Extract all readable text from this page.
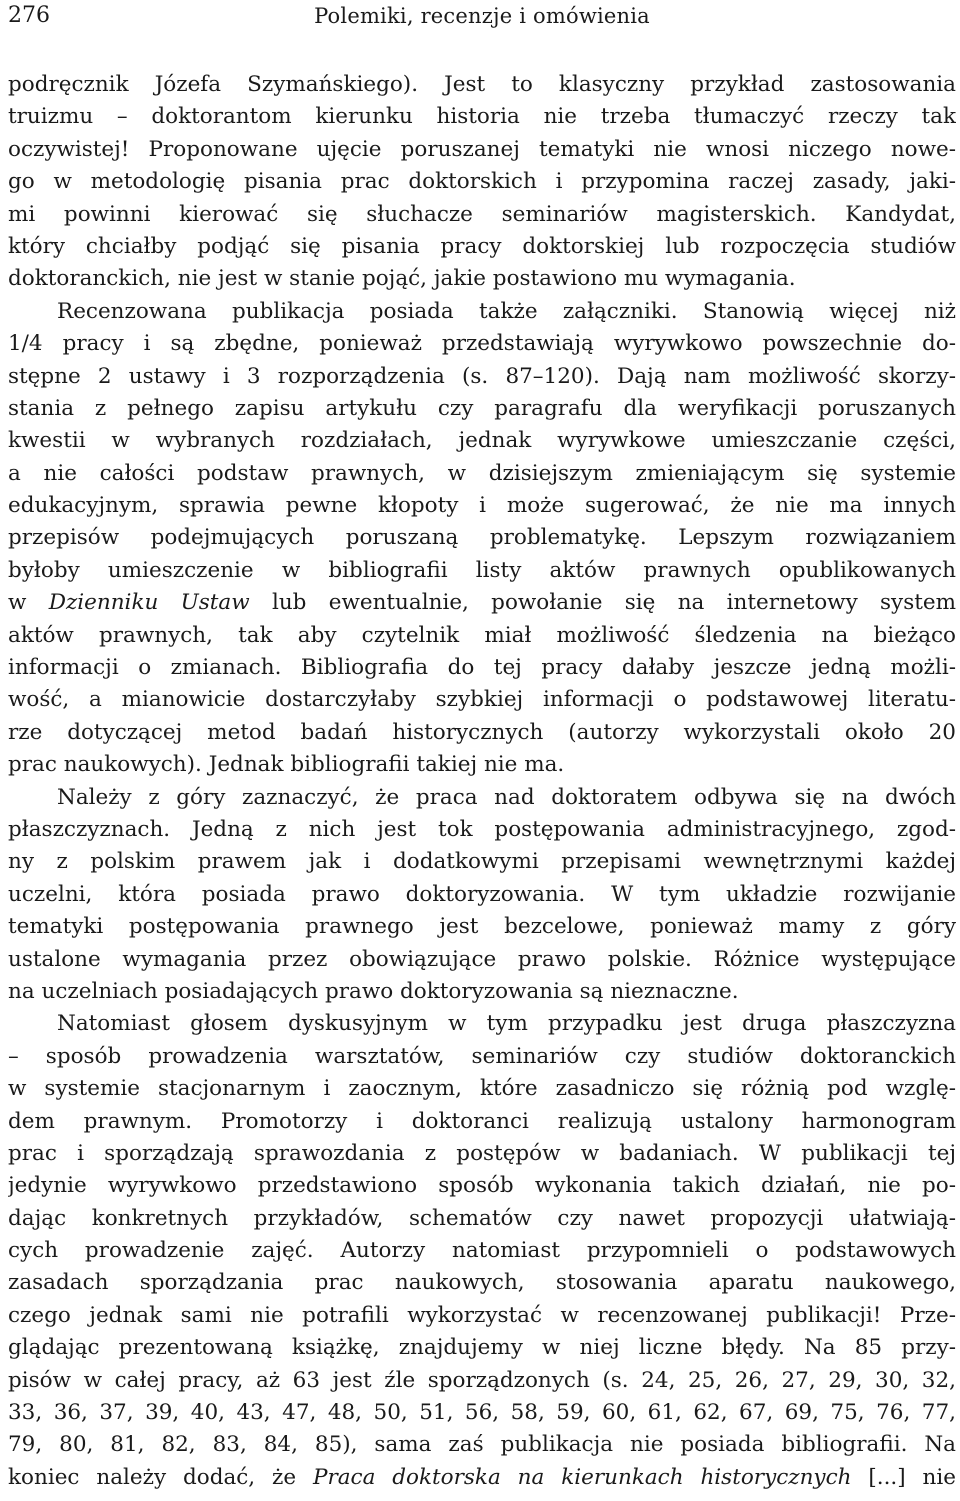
276	Polemiki, recenzje i omówienia
podręcznik Józefa Szymańskiego). Jest to klasyczny przykład zastosowania
truizmu – doktorantom kierunku historia nie trzeba tłumaczyć rzeczy tak
oczywistej! Proponowane ujęcie poruszanej tematyki nie wnosi niczego nowe-
go w metodologię pisania prac doktorskich i przypomina raczej zasady, jaki-
mi powinni kierować się słuchacze seminariów magisterskich. Kandydat,
który chciałby podjąć się pisania pracy doktorskiej lub rozpoczęcia studiów
doktoranckich, nie jest w stanie pojąć, jakie postawiono mu wymagania.
Recenzowana publikacja posiada także załączniki. Stanowią więcej niż
1/4 pracy i są zbędne, ponieważ przedstawiają wyrywkowo powszechnie do-
stępne 2 ustawy i 3 rozporządzenia (s. 87–120). Dają nam możliwość skorzy-
stania z pełnego zapisu artykułu czy paragrafu dla weryfikacji poruszanych
kwestii w wybranych rozdziałach, jednak wyrywkowe umieszczanie części,
a nie całości podstaw prawnych, w dzisiejszym zmieniającym się systemie
edukacyjnym, sprawia pewne kłopoty i może sugerować, że nie ma innych
przepisów podejmujących poruszaną problematykę. Lepszym rozwiązaniem
byłoby umieszczenie w bibliografii listy aktów prawnych opublikowanych
w Dzienniku Ustaw lub ewentualnie, powołanie się na internetowy system
aktów prawnych, tak aby czytelnik miał możliwość śledzenia na bieżąco
informacji o zmianach. Bibliografia do tej pracy dałaby jeszcze jedną możli-
wość, a mianowicie dostarczyłaby szybkiej informacji o podstawowej literatu-
rze dotyczącej metod badań historycznych (autorzy wykorzystali około 20
prac naukowych). Jednak bibliografii takiej nie ma.
Należy z góry zaznaczyć, że praca nad doktoratem odbywa się na dwóch
płaszczyznach. Jedną z nich jest tok postępowania administracyjnego, zgod-
ny z polskim prawem jak i dodatkowymi przepisami wewnętrznymi każdej
uczelni, która posiada prawo doktoryzowania. W tym układzie rozwijanie
tematyki postępowania prawnego jest bezcelowe, ponieważ mamy z góry
ustalone wymagania przez obowiązujące prawo polskie. Różnice występujące
na uczelniach posiadających prawo doktoryzowania są nieznaczne.
Natomiast głosem dyskusyjnym w tym przypadku jest druga płaszczyzna
– sposób prowadzenia warsztatów, seminariów czy studiów doktoranckich
w systemie stacjonarnym i zaocznym, które zasadniczo się różnią pod wzglę-
dem prawnym. Promotorzy i doktoranci realizują ustalony harmonogram
prac i sporządzają sprawozdania z postępów w badaniach. W publikacji tej
jedynie wyrywkowo przedstawiono sposób wykonania takich działań, nie po-
dając konkretnych przykładów, schematów czy nawet propozycji ułatwiają-
cych prowadzenie zajęć. Autorzy natomiast przypomnieli o podstawowych
zasadach sporządzania prac naukowych, stosowania aparatu naukowego,
czego jednak sami nie potrafili wykorzystać w recenzowanej publikacji! Prze-
glądając prezentowaną książkę, znajdujemy w niej liczne błędy. Na 85 przy-
pisów w całej pracy, aż 63 jest źle sporządzonych (s. 24, 25, 26, 27, 29, 30, 32,
33, 36, 37, 39, 40, 43, 47, 48, 50, 51, 56, 58, 59, 60, 61, 62, 67, 69, 75, 76, 77,
79, 80, 81, 82, 83, 84, 85), sama zaś publikacja nie posiada bibliografii. Na
koniec należy dodać, że Praca doktorska na kierunkach historycznych [...] nie
